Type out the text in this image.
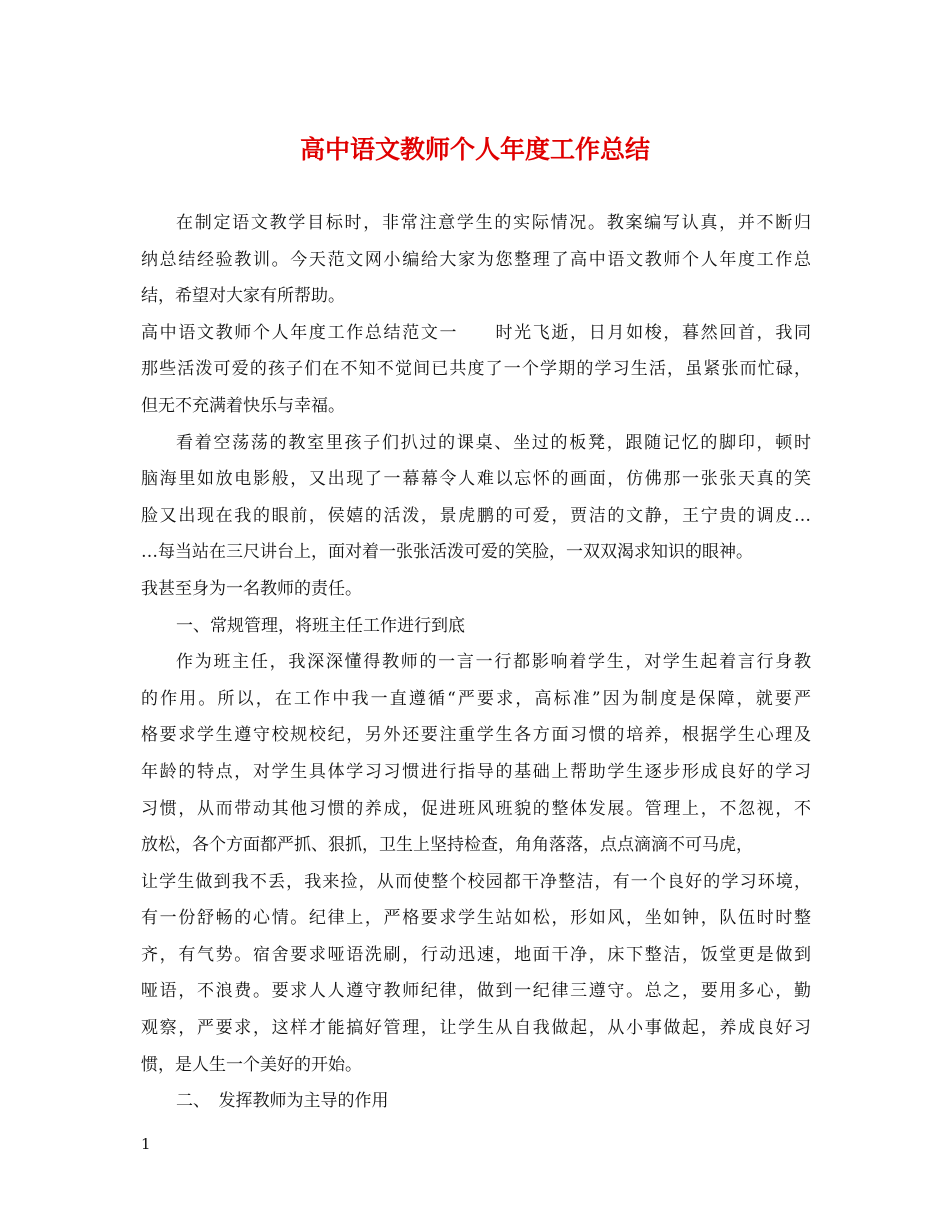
高中语文教师个人年度工作总结
在制定语文教学目标时，非常注意学生的实际情况。教案编写认真，并不断归
纳总结经验教训。今天范文网小编给大家为您整理了高中语文教师个人年度工作总
结，希望对大家有所帮助。
高中语文教师个人年度工作总结范文一　　时光飞逝，日月如梭，暮然回首，我同
那些活泼可爱的孩子们在不知不觉间已共度了一个学期的学习生活，虽紧张而忙碌，
但无不充满着快乐与幸福。
看着空荡荡的教室里孩子们扒过的课桌、坐过的板凳，跟随记忆的脚印，顿时
脑海里如放电影般，又出现了一幕幕令人难以忘怀的画面，仿佛那一张张天真的笑
脸又出现在我的眼前，侯嬉的活泼，景虎鹏的可爱，贾洁的文静，王宁贵的调皮…
…每当站在三尺讲台上，面对着一张张活泼可爱的笑脸，一双双渴求知识的眼神。
我甚至身为一名教师的责任。
一、常规管理，将班主任工作进行到底
作为班主任，我深深懂得教师的一言一行都影响着学生，对学生起着言行身教
的作用。所以，在工作中我一直遵循“严要求，高标准”因为制度是保障，就要严
格要求学生遵守校规校纪，另外还要注重学生各方面习惯的培养，根据学生心理及
年龄的特点，对学生具体学习习惯进行指导的基础上帮助学生逐步形成良好的学习
习惯，从而带动其他习惯的养成，促进班风班貌的整体发展。管理上，不忽视，不
放松，各个方面都严抓、狠抓，卫生上坚持检查，角角落落，点点滴滴不可马虎，
让学生做到我不丢，我来捡，从而使整个校园都干净整洁，有一个良好的学习环境，
有一份舒畅的心情。纪律上，严格要求学生站如松，形如风，坐如钟，队伍时时整
齐，有气势。宿舍要求哑语洗刷，行动迅速，地面干净，床下整洁，饭堂更是做到
哑语，不浪费。要求人人遵守教师纪律，做到一纪律三遵守。总之，要用多心，勤
观察，严要求，这样才能搞好管理，让学生从自我做起，从小事做起，养成良好习
惯，是人生一个美好的开始。
二、　发挥教师为主导的作用
1
